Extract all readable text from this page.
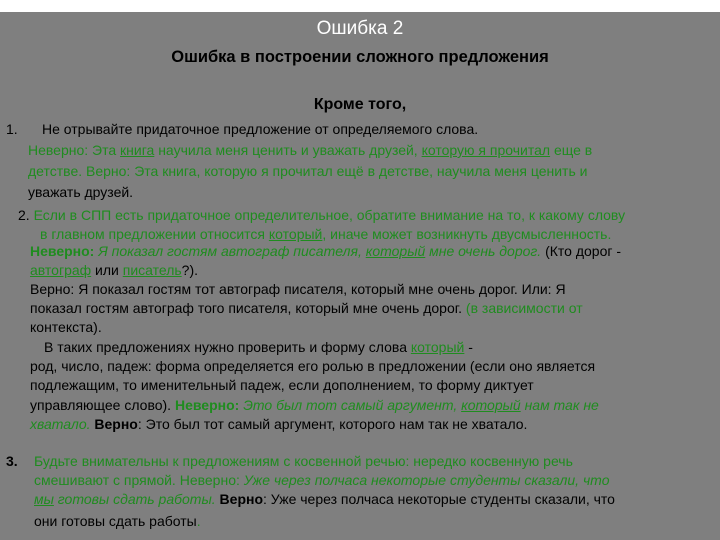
Ошибка 2
Ошибка в построении сложного предложения
Кроме того,
1. Не отрывайте придаточное предложение от определяемого слова.
Неверно: Эта книга научила меня ценить и уважать друзей, которую я прочитал еще в
детстве. Верно: Эта книга, которую я прочитал ещё в детстве, научила меня ценить и
уважать друзей.
2. Если в СПП есть придаточное определительное, обратите внимание на то, к какому слову
в главном предложении относится который, иначе может возникнуть двусмысленность.
Неверно: Я показал гостям автограф писателя, который мне очень дорог. (Кто дорог -
автограф или писатель?).
Верно: Я показал гостям тот автограф писателя, который мне очень дорог. Или: Я
показал гостям автограф того писателя, который мне очень дорог. (в зависимости от
контекста).
В таких предложениях нужно проверить и форму слова который -
род, число, падеж: форма определяется его ролью в предложении (если оно является
подлежащим, то именительный падеж, если дополнением, то форму диктует
управляющее слово). Неверно: Это был тот самый аргумент, который нам так не
хватало. Верно: Это был тот самый аргумент, которого нам так не хватало.
3. Будьте внимательны к предложениям с косвенной речью: нередко косвенную речь
смешивают с прямой. Неверно: Уже через полчаса некоторые студенты сказали, что
мы готовы сдать работы. Верно: Уже через полчаса некоторые студенты сказали, что
они готовы сдать работы.
